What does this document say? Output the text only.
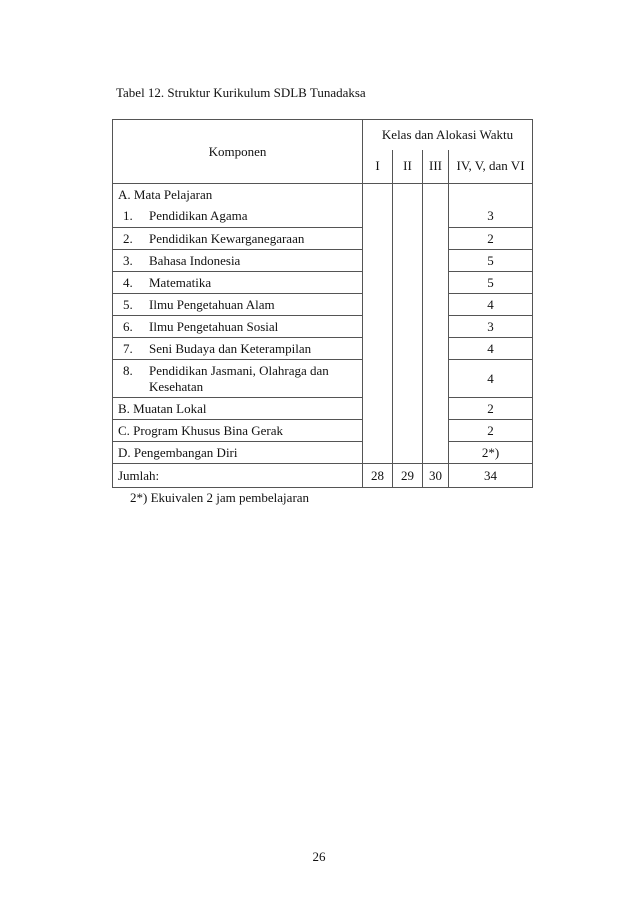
Tabel 12. Struktur Kurikulum SDLB Tunadaksa
Komponen	Kelas dan Alokasi Waktu			
	I	II	III	IV, V, dan VI
A. Mata Pelajaran				
1. Pendidikan Agama				3
2. Pendidikan Kewarganegaraan				2
3. Bahasa Indonesia				5
4. Matematika				5
5. Ilmu Pengetahuan Alam				4
6. Ilmu Pengetahuan Sosial				3
7. Seni Budaya dan Keterampilan				4

8. Pendidikan Jasmani, Olahraga dan Kesehatan				4
B. Muatan Lokal				2
C. Program Khusus Bina Gerak				2
D. Pengembangan Diri				2*)
Jumlah:	28	29	30	34
2*) Ekuivalen 2 jam pembelajaran
26
